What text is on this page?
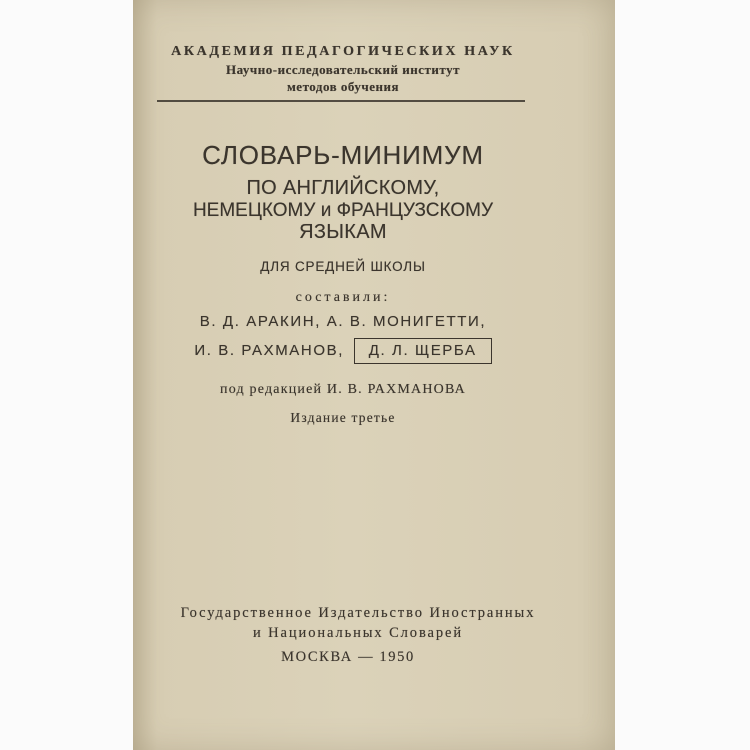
АКАДЕМИЯ ПЕДАГОГИЧЕСКИХ НАУК
Научно-исследовательский институт
методов обучения
СЛОВАРЬ-МИНИМУМ
ПО АНГЛИЙСКОМУ,
НЕМЕЦКОМУ и ФРАНЦУЗСКОМУ
ЯЗЫКАМ
ДЛЯ СРЕДНЕЙ ШКОЛЫ
составили:
В. Д. АРАКИН, А. В. МОНИГЕТТИ,
И. В. РАХМАНОВ, Д. Л. ЩЕРБА
под редакцией И. В. РАХМАНОВА
Издание третье
Государственное Издательство Иностранных
и Национальных Словарей
МОСКВА — 1950
